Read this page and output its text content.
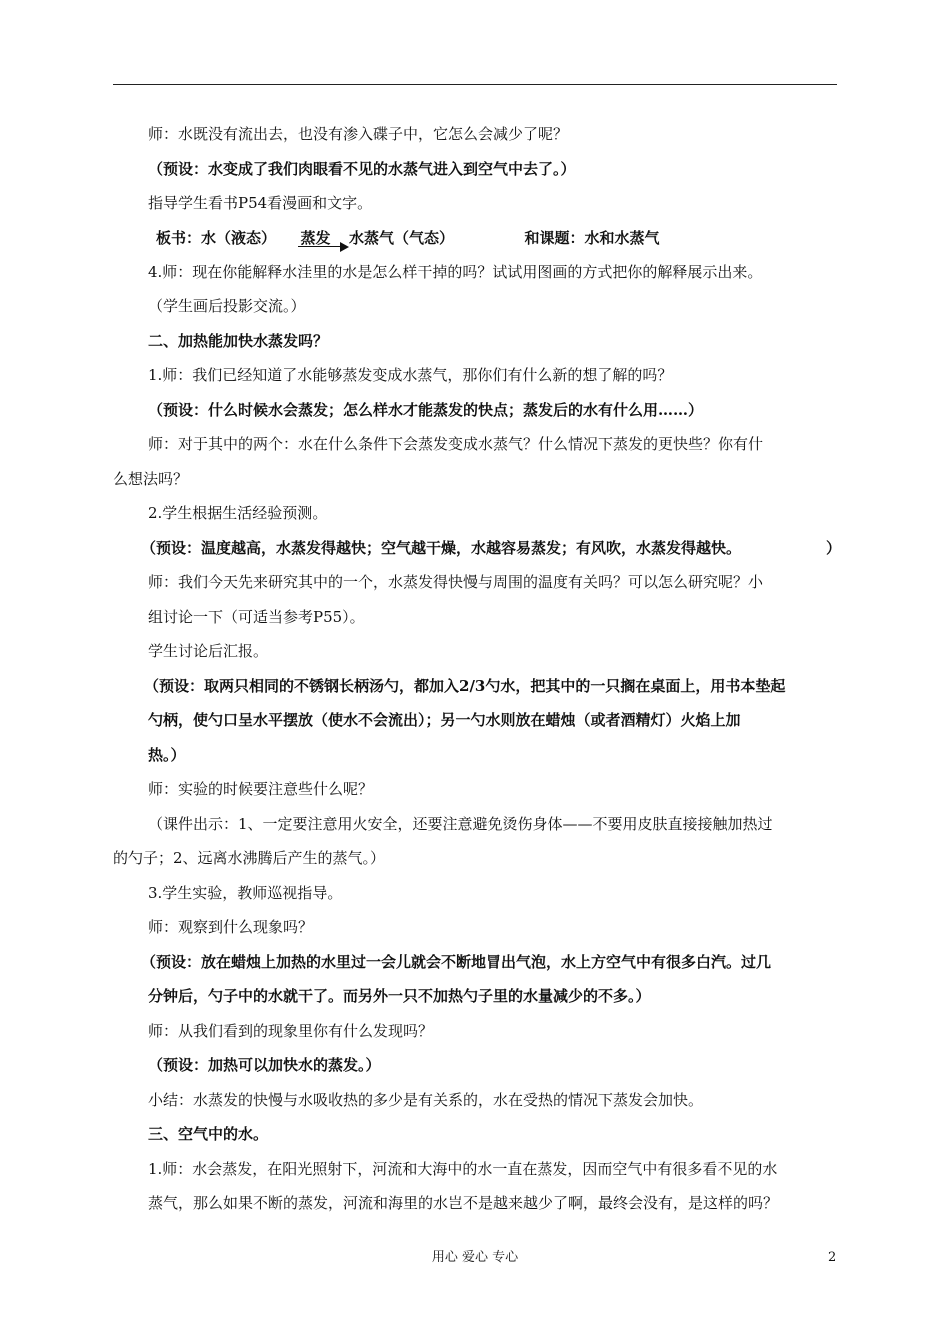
师：水既没有流出去，也没有渗入碟子中，它怎么会减少了呢？
（预设：水变成了我们肉眼看不见的水蒸气进入到空气中去了。）
指导学生看书P54看漫画和文字。
板书：水（液态） 蒸发 水蒸气（气态）	和课题：水和水蒸气
4.师：现在你能解释水洼里的水是怎么样干掉的吗？试试用图画的方式把你的解释展示出来。
（学生画后投影交流。）
二、加热能加快水蒸发吗？
1.师：我们已经知道了水能够蒸发变成水蒸气，那你们有什么新的想了解的吗？
（预设：什么时候水会蒸发；怎么样水才能蒸发的快点；蒸发后的水有什么用……）
师：对于其中的两个：水在什么条件下会蒸发变成水蒸气？什么情况下蒸发的更快些？你有什
么想法吗？
2.学生根据生活经验预测。
（预设：温度越高，水蒸发得越快；空气越干燥，水越容易蒸发；有风吹，水蒸发得越快。	）
师：我们今天先来研究其中的一个，水蒸发得快慢与周围的温度有关吗？可以怎么研究呢？小
组讨论一下（可适当参考P55）。
学生讨论后汇报。
（预设：取两只相同的不锈钢长柄汤勺，都加入2/3勺水，把其中的一只搁在桌面上，用书本垫起
勺柄，使勺口呈水平摆放（使水不会流出）；另一勺水则放在蜡烛（或者酒精灯）火焰上加
热。）
师：实验的时候要注意些什么呢？
（课件出示：1、一定要注意用火安全，还要注意避免烫伤身体——不要用皮肤直接接触加热过
的勺子；2、远离水沸腾后产生的蒸气。）
3.学生实验，教师巡视指导。
师：观察到什么现象吗？
（预设：放在蜡烛上加热的水里过一会儿就会不断地冒出气泡，水上方空气中有很多白汽。过几
分钟后，勺子中的水就干了。而另外一只不加热勺子里的水量减少的不多。）
师：从我们看到的现象里你有什么发现吗？
（预设：加热可以加快水的蒸发。）
小结：水蒸发的快慢与水吸收热的多少是有关系的，水在受热的情况下蒸发会加快。
三、空气中的水。
1.师：水会蒸发，在阳光照射下，河流和大海中的水一直在蒸发，因而空气中有很多看不见的水
蒸气，那么如果不断的蒸发，河流和海里的水岂不是越来越少了啊，最终会没有，是这样的吗？
用心 爱心 专心	2
